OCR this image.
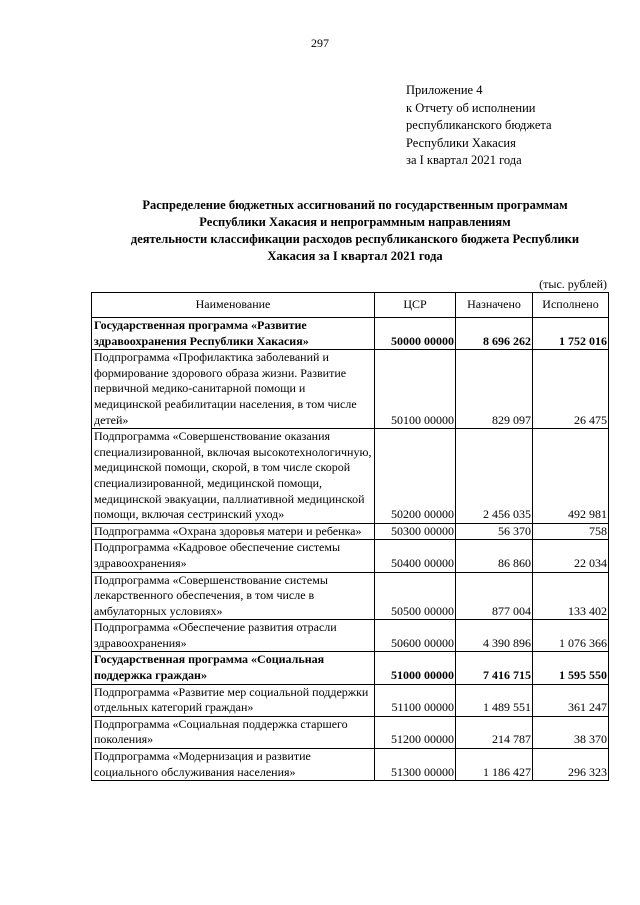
297
Приложение 4
к Отчету об исполнении
республиканского бюджета
Республики Хакасия
за I квартал 2021 года
Распределение бюджетных ассигнований по государственным программам
Республики Хакасия и непрограммным направлениям
деятельности классификации расходов республиканского бюджета Республики
Хакасия за I квартал 2021 года
(тыс. рублей)
Наименование	ЦСР	Назначено	Исполнено
Государственная программа «Развитие здравоохранения Республики Хакасия»	50000 00000	8 696 262	1 752 016
Подпрограмма «Профилактика заболеваний и формирование здорового образа жизни. Развитие первичной медико-санитарной помощи и медицинской реабилитации населения, в том числе детей»	50100 00000	829 097	26 475
Подпрограмма «Совершенствование оказания специализированной, включая высокотехнологичную, медицинской помощи, скорой, в том числе скорой специализированной, медицинской помощи, медицинской эвакуации, паллиативной медицинской помощи, включая сестринский уход»	50200 00000	2 456 035	492 981
Подпрограмма «Охрана здоровья матери и ребенка»	50300 00000	56 370	758
Подпрограмма «Кадровое обеспечение системы здравоохранения»	50400 00000	86 860	22 034
Подпрограмма «Совершенствование системы лекарственного обеспечения, в том числе в амбулаторных условиях»	50500 00000	877 004	133 402
Подпрограмма «Обеспечение развития отрасли здравоохранения»	50600 00000	4 390 896	1 076 366
Государственная программа «Социальная поддержка граждан»	51000 00000	7 416 715	1 595 550
Подпрограмма «Развитие мер социальной поддержки отдельных категорий граждан»	51100 00000	1 489 551	361 247
Подпрограмма «Социальная поддержка старшего поколения»	51200 00000	214 787	38 370
Подпрограмма «Модернизация и развитие социального обслуживания населения»	51300 00000	1 186 427	296 323
